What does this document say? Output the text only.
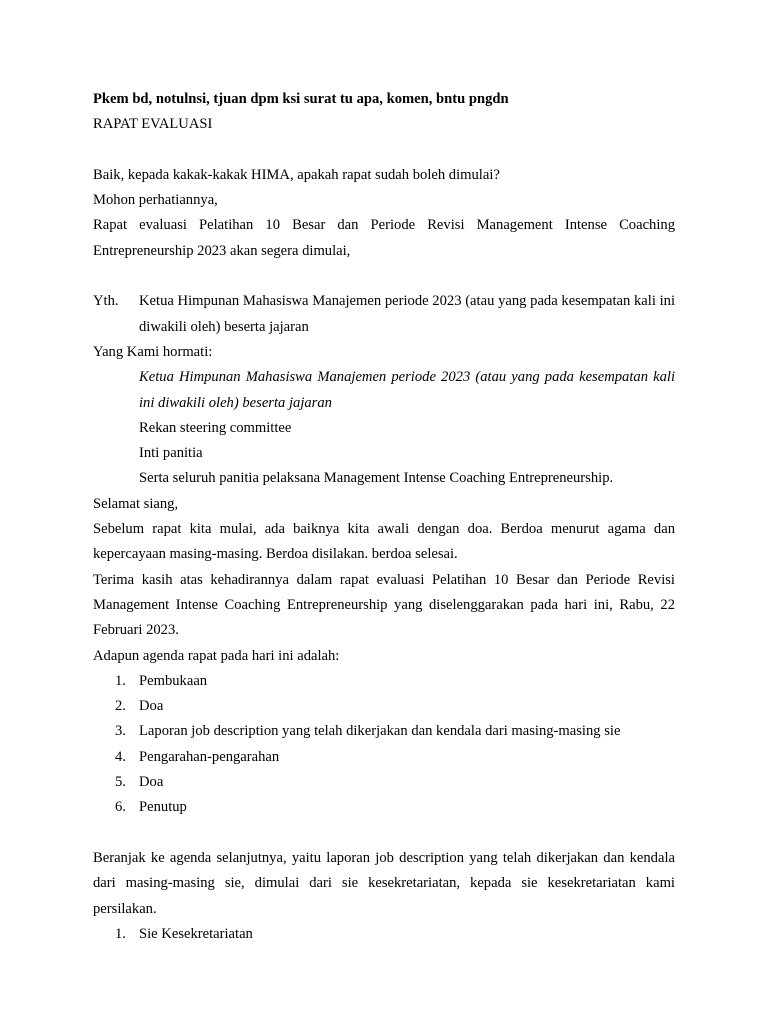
Pkem bd, notulnsi, tjuan dpm ksi surat tu apa, komen, bntu pngdn

RAPAT EVALUASI

Baik, kepada kakak-kakak HIMA, apakah rapat sudah boleh dimulai?

Mohon perhatiannya,

Rapat evaluasi Pelatihan 10 Besar dan Periode Revisi Management Intense Coaching Entrepreneurship 2023 akan segera dimulai,

Yth.	Ketua Himpunan Mahasiswa Manajemen periode 2023 (atau yang pada kesempatan kali ini diwakili oleh) beserta jajaran

Yang Kami hormati:

Ketua Himpunan Mahasiswa Manajemen periode 2023 (atau yang pada kesempatan kali ini diwakili oleh) beserta jajaran

Rekan steering committee

Inti panitia

Serta seluruh panitia pelaksana Management Intense Coaching Entrepreneurship.

Selamat siang,

Sebelum rapat kita mulai, ada baiknya kita awali dengan doa. Berdoa menurut agama dan kepercayaan masing-masing. Berdoa disilakan. berdoa selesai.

Terima kasih atas kehadirannya dalam rapat evaluasi Pelatihan 10 Besar dan Periode Revisi Management Intense Coaching Entrepreneurship yang diselenggarakan pada hari ini, Rabu, 22 Februari 2023.

Adapun agenda rapat pada hari ini adalah:

1. Pembukaan
2. Doa
3. Laporan job description yang telah dikerjakan dan kendala dari masing-masing sie
4. Pengarahan-pengarahan
5. Doa
6. Penutup

Beranjak ke agenda selanjutnya, yaitu laporan job description yang telah dikerjakan dan kendala dari masing-masing sie, dimulai dari sie kesekretariatan, kepada sie kesekretariatan kami persilakan.

1. Sie Kesekretariatan
